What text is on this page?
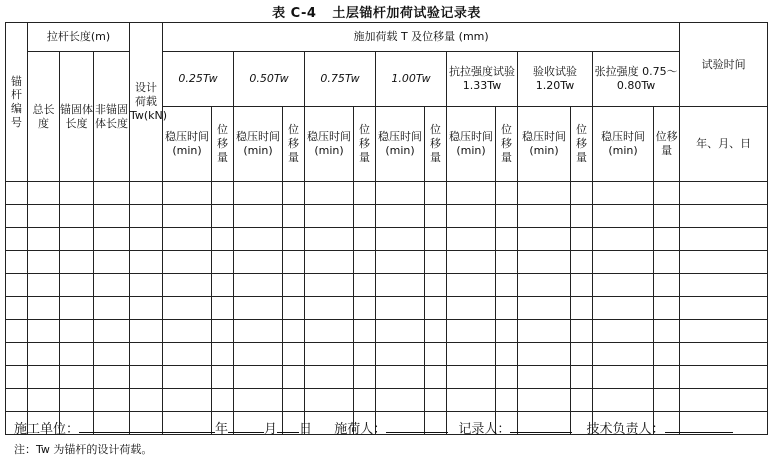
表 C-4 土层锚杆加荷试验记录表
锚杆编号	拉杆长度(m)			设计荷载Tw(kN)	施加荷载 T 及位移量 (mm)														试验时间
	总长度	锚固体长度	非锚固体长度		0.25Tw		0.50Tw		0.75Tw		1.00Tw		抗拉强度试验 1.33Tw		验收试验 1.20Tw		张拉强度 0.75～0.80Tw		
					稳压时间(min)	位移量	稳压时间(min)	位移量	稳压时间(min)	位移量	稳压时间(min)	位移量	稳压时间(min)	位移量	稳压时间(min)	位移量	稳压时间(min)	位移量	年、月、日

施工单位：	年	月 日 施荷人：	记录人：	技术负责人：
注：Tw 为锚杆的设计荷载。
